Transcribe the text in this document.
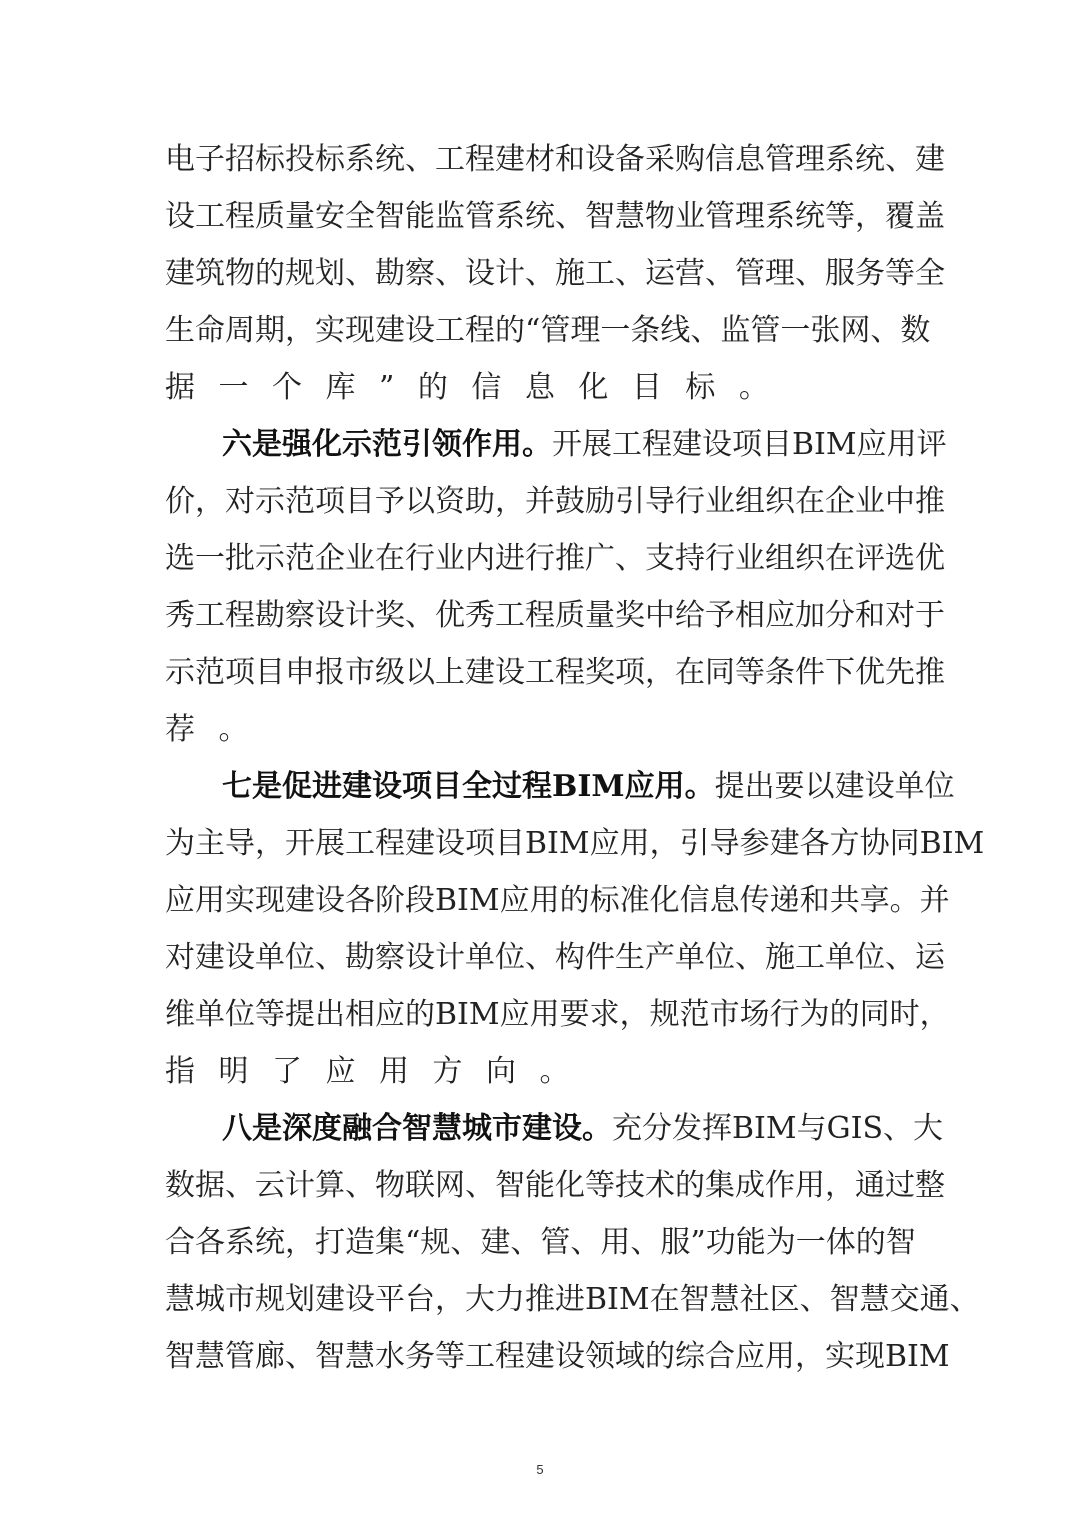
电 子 招 标 投 标 系 统 、 工 程 建 材 和 设 备 采 购 信 息 管 理 系 统 、 建
设 工 程 质 量 安 全 智 能 监 管 系 统 、 智 慧 物 业 管 理 系 统 等 ， 覆 盖
建 筑 物 的 规 划 、 勘 察 、 设 计 、 施 工 、 运 营 、 管 理 、 服 务 等 全
生 命 周 期 ， 实 现 建 设 工 程 的 “ 管 理 一 条 线 、 监 管 一 张 网 、 数
据 一 个 库 ” 的 信 息 化 目 标 。
六 是 强 化 示 范 引 领 作 用 。 开 展 工 程 建 设 项 目 BIM 应 用 评
价 ， 对 示 范 项 目 予 以 资 助 ， 并 鼓 励 引 导 行 业 组 织 在 企 业 中 推
选 一 批 示 范 企 业 在 行 业 内 进 行 推 广 、 支 持 行 业 组 织 在 评 选 优
秀 工 程 勘 察 设 计 奖 、 优 秀 工 程 质 量 奖 中 给 予 相 应 加 分 和 对 于
示 范 项 目 申 报 市 级 以 上 建 设 工 程 奖 项 ， 在 同 等 条 件 下 优 先 推
荐 。
七 是 促 进 建 设 项 目 全 过 程 BIM 应 用 。 提 出 要 以 建 设 单 位
为 主 导 ， 开 展 工 程 建 设 项 目 BIM 应 用 ， 引 导 参 建 各 方 协 同 BIM
应 用 实 现 建 设 各 阶 段 BIM 应 用 的 标 准 化 信 息 传 递 和 共 享 。 并
对 建 设 单 位 、 勘 察 设 计 单 位 、 构 件 生 产 单 位 、 施 工 单 位 、 运
维 单 位 等 提 出 相 应 的 BIM 应 用 要 求 ， 规 范 市 场 行 为 的 同 时 ，
指 明 了 应 用 方 向 。
八 是 深 度 融 合 智 慧 城 市 建 设 。 充 分 发 挥 BIM 与 GIS 、 大
数 据 、 云 计 算 、 物 联 网 、 智 能 化 等 技 术 的 集 成 作 用 ， 通 过 整
合 各 系 统 ， 打 造 集 “ 规 、 建 、 管 、 用 、 服 ” 功 能 为 一 体 的 智
慧 城 市 规 划 建 设 平 台 ， 大 力 推 进 BIM 在 智 慧 社 区 、 智 慧 交 通 、
智 慧 管 廊 、 智 慧 水 务 等 工 程 建 设 领 域 的 综 合 应 用 ， 实 现 BIM
5
